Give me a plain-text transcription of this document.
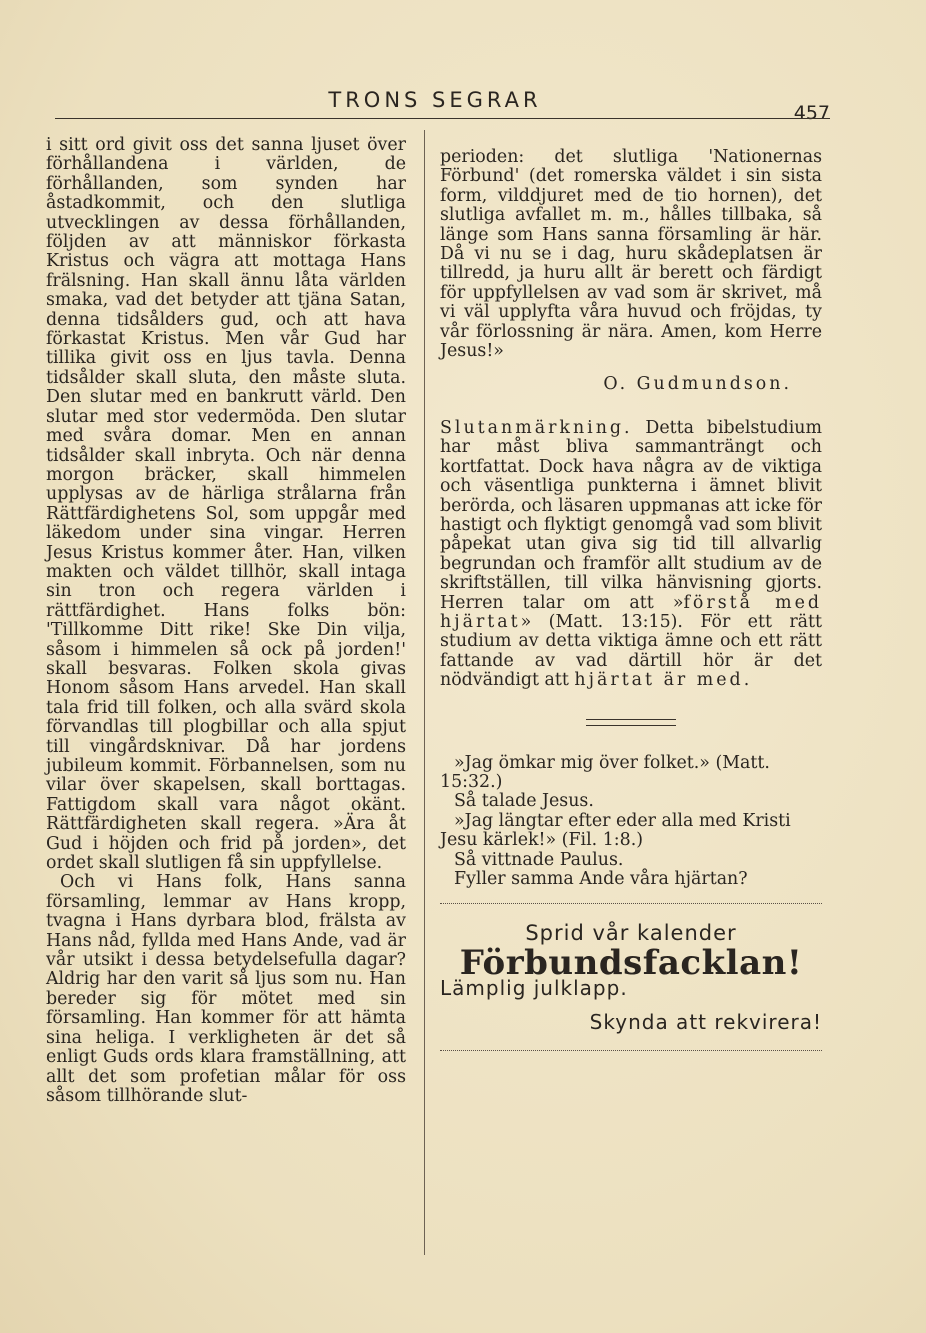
TRONS SEGRAR
457

i sitt ord givit oss det sanna ljuset över förhållandena i världen, de förhållanden, som synden har åstadkommit, och den slutliga utvecklingen av dessa förhållanden, följden av att människor förkasta Kristus och vägra att mottaga Hans frälsning. Han skall ännu låta världen smaka, vad det betyder att tjäna Satan, denna tidsålders gud, och att hava förkastat Kristus. Men vår Gud har tillika givit oss en ljus tavla. Denna tidsålder skall sluta, den måste sluta. Den slutar med en bankrutt värld. Den slutar med stor vedermöda. Den slutar med svåra domar. Men en annan tidsålder skall inbryta. Och när denna morgon bräcker, skall himmelen upplysas av de härliga strålarna från Rättfärdighetens Sol, som uppgår med läkedom under sina vingar. Herren Jesus Kristus kommer åter. Han, vilken makten och väldet tillhör, skall intaga sin tron och regera världen i rättfärdighet. Hans folks bön: 'Tillkomme Ditt rike! Ske Din vilja, såsom i himmelen så ock på jorden!' skall besvaras. Folken skola givas Honom såsom Hans arvedel. Han skall tala frid till folken, och alla svärd skola förvandlas till plogbillar och alla spjut till vingårdsknivar. Då har jordens jubileum kommit. Förbannelsen, som nu vilar över skapelsen, skall borttagas. Fattigdom skall vara något okänt. Rättfärdigheten skall regera. »Ära åt Gud i höjden och frid på jorden», det ordet skall slutligen få sin uppfyllelse.

Och vi Hans folk, Hans sanna församling, lemmar av Hans kropp, tvagna i Hans dyrbara blod, frälsta av Hans nåd, fyllda med Hans Ande, vad är vår utsikt i dessa betydelsefulla dagar? Aldrig har den varit så ljus som nu. Han bereder sig för mötet med sin församling. Han kommer för att hämta sina heliga. I verkligheten är det så enligt Guds ords klara framställning, att allt det som profetian målar för oss såsom tillhörande slut-

perioden: det slutliga 'Nationernas Förbund' (det romerska väldet i sin sista form, vilddjuret med de tio hornen), det slutliga avfallet m. m., hålles tillbaka, så länge som Hans sanna församling är här. Då vi nu se i dag, huru skådeplatsen är tillredd, ja huru allt är berett och färdigt för uppfyllelsen av vad som är skrivet, må vi väl upplyfta våra huvud och fröjdas, ty vår förlossning är nära. Amen, kom Herre Jesus!»

O. Gudmundson.

Slutanmärkning. Detta bibelstudium har måst bliva sammanträngt och kortfattat. Dock hava några av de viktiga och väsentliga punkterna i ämnet blivit berörda, och läsaren uppmanas att icke för hastigt och flyktigt genomgå vad som blivit påpekat utan giva sig tid till allvarlig begrundan och framför allt studium av de skriftställen, till vilka hänvisning gjorts. Herren talar om att »förstå med hjärtat» (Matt. 13:15). För ett rätt studium av detta viktiga ämne och ett rätt fattande av vad därtill hör är det nödvändigt att hjärtat är med.

»Jag ömkar mig över folket.» (Matt. 15:32.)

Så talade Jesus.

»Jag längtar efter eder alla med Kristi Jesu kärlek!» (Fil. 1:8.)

Så vittnade Paulus.

Fyller samma Ande våra hjärtan?

Sprid vår kalender
Förbundsfacklan!
Lämplig julklapp.
Skynda att rekvirera!
